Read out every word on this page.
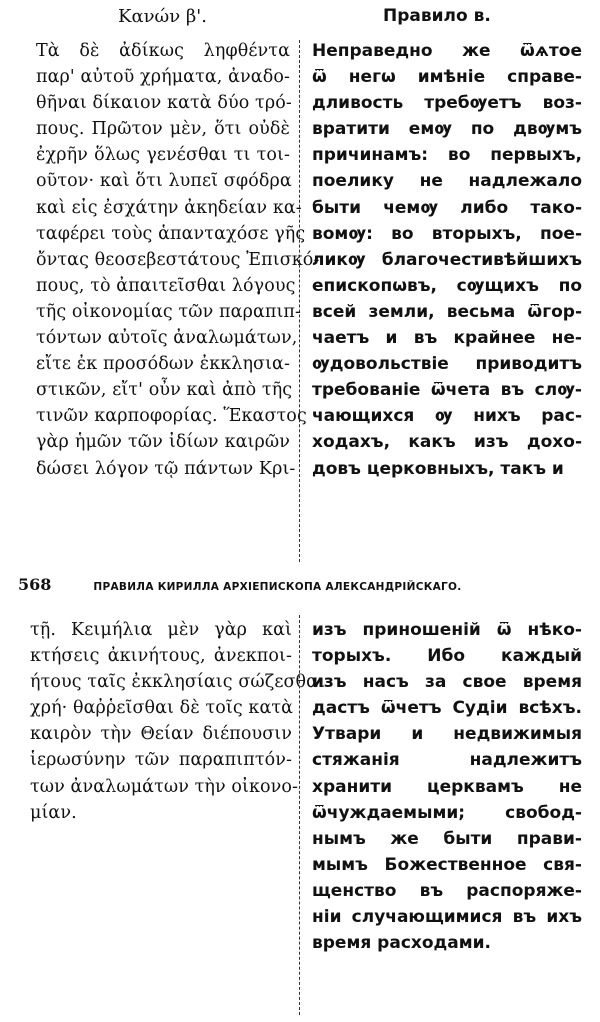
Κανών β'.	Правило в.
Τὰ δὲ ἀδίκως ληφθέντα
παρ' αὐτοῦ χρήματα, ἀναδο-
θῆναι δίκαιον κατὰ δύο τρό-
πους. Πρῶτον μὲν, ὅτι οὐδὲ
ἐχρῆν ὅλως γενέσθαι τι τοι-
οῦτον· καὶ ὅτι λυπεῖ σφόδρα
καὶ εἰς ἐσχάτην ἀκηδείαν κα-
ταφέρει τοὺς ἁπανταχόσε γῆς
ὄντας θεοσεβεστάτους Ἐπισκό-
πους, τὸ ἀπαιτεῖσθαι λόγους
τῆς οἰκονομίας τῶν παραπιπ-
τόντων αὐτοῖς ἀναλωμάτων,
εἴτε ἐκ προσόδων ἐκκλησια-
στικῶν, εἴτ' οὖν καὶ ἀπὸ τῆς
τινῶν καρποφορίας. Ἕκαστος
γὰρ ἡμῶν τῶν ἰδίων καιρῶν
δώσει λόγον τῷ πάντων Κρι-
Неправедно же ѿѧтое
ѿ негѡ имѣніе справе-
дливость требѹетъ воз-
вратити емѹ по двѹмъ
причинамъ: во первыхъ,
поелику не надлежало
быти чемѹ либо тако-
вомѹ: во вторыхъ, пое-
ликѹ благочестивѣйшихъ
епископωвъ, сѹщихъ по
всей земли, весьма ѿгор-
чаетъ и въ крайнее не-
ѹдовольствіе приводитъ
требованіе ѿчета въ слѹ-
чающихся ѹ нихъ рас-
ходахъ, какъ изъ дохо-
довъ церковныхъ, такъ и
568	ПРАВИЛА КИРИЛЛА АРХІЕПИСКОПА АЛЕКСАНДРІЙСКАГО.
τῇ. Κειμήλια μὲν γὰρ καὶ
κτήσεις ἀκινήτους, ἀνεκποι-
ήτους ταῖς ἐκκλησίαις σώζεσθαι
χρή· θαῤῥεῖσθαι δὲ τοῖς κατὰ
καιρὸν τὴν Θείαν διέπουσιν
ἱερωσύνην τῶν παραπιπτόν-
των ἀναλωμάτων τὴν οἰκονο-
μίαν.
изъ приношеній ѿ нѣко-
торыхъ. Ибо каждый
изъ насъ за свое время
дастъ ѿчетъ Судіи всѣхъ.
Утвари и недвижимыя
стяжанія надлежитъ
хранити церквамъ не
ѿчуждаемыми; свобод-
нымъ же быти прави-
мымъ Божественное свя-
щенство въ распоряже-
ніи случающимися въ ихъ
время расходами.
